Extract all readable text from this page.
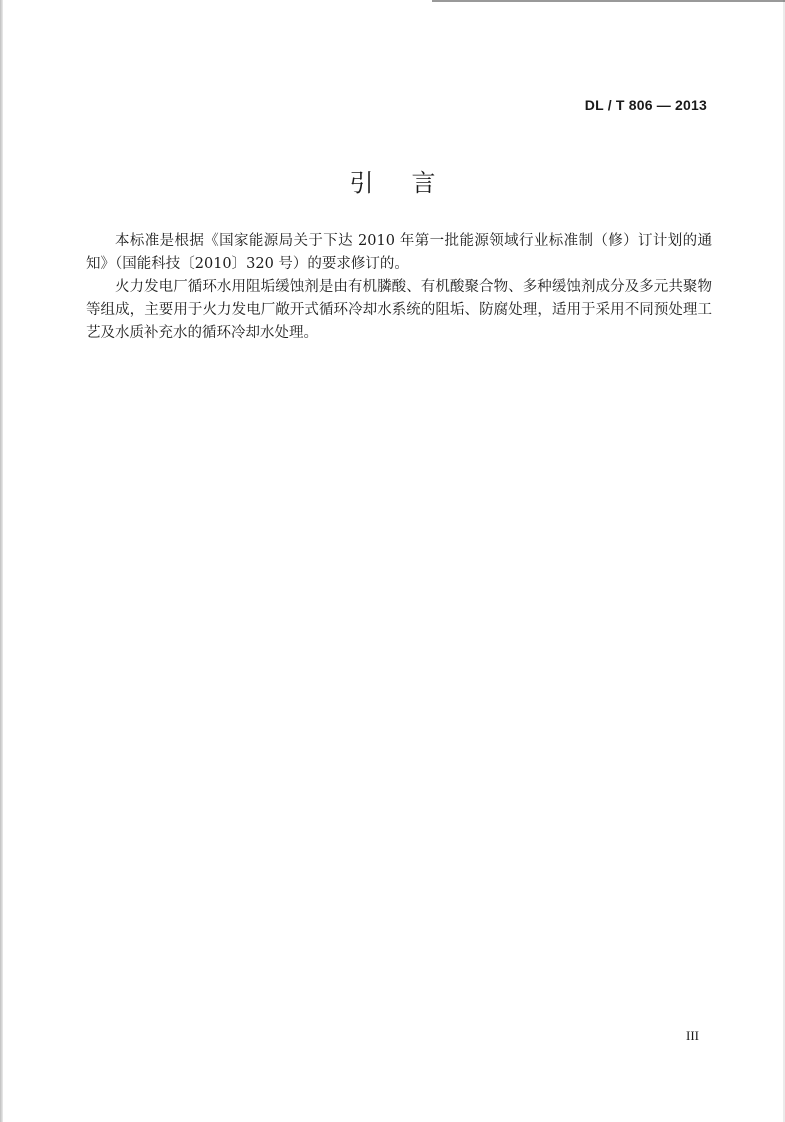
DL / T 806 — 2013
引言

本标准是根据《国家能源局关于下达 2010 年第一批能源领域行业标准制（修）订计划的通知》（国能科技〔2010〕320 号）的要求修订的。

火力发电厂循环水用阻垢缓蚀剂是由有机膦酸、有机酸聚合物、多种缓蚀剂成分及多元共聚物等组成，主要用于火力发电厂敞开式循环冷却水系统的阻垢、防腐处理，适用于采用不同预处理工艺及水质补充水的循环冷却水处理。

III
